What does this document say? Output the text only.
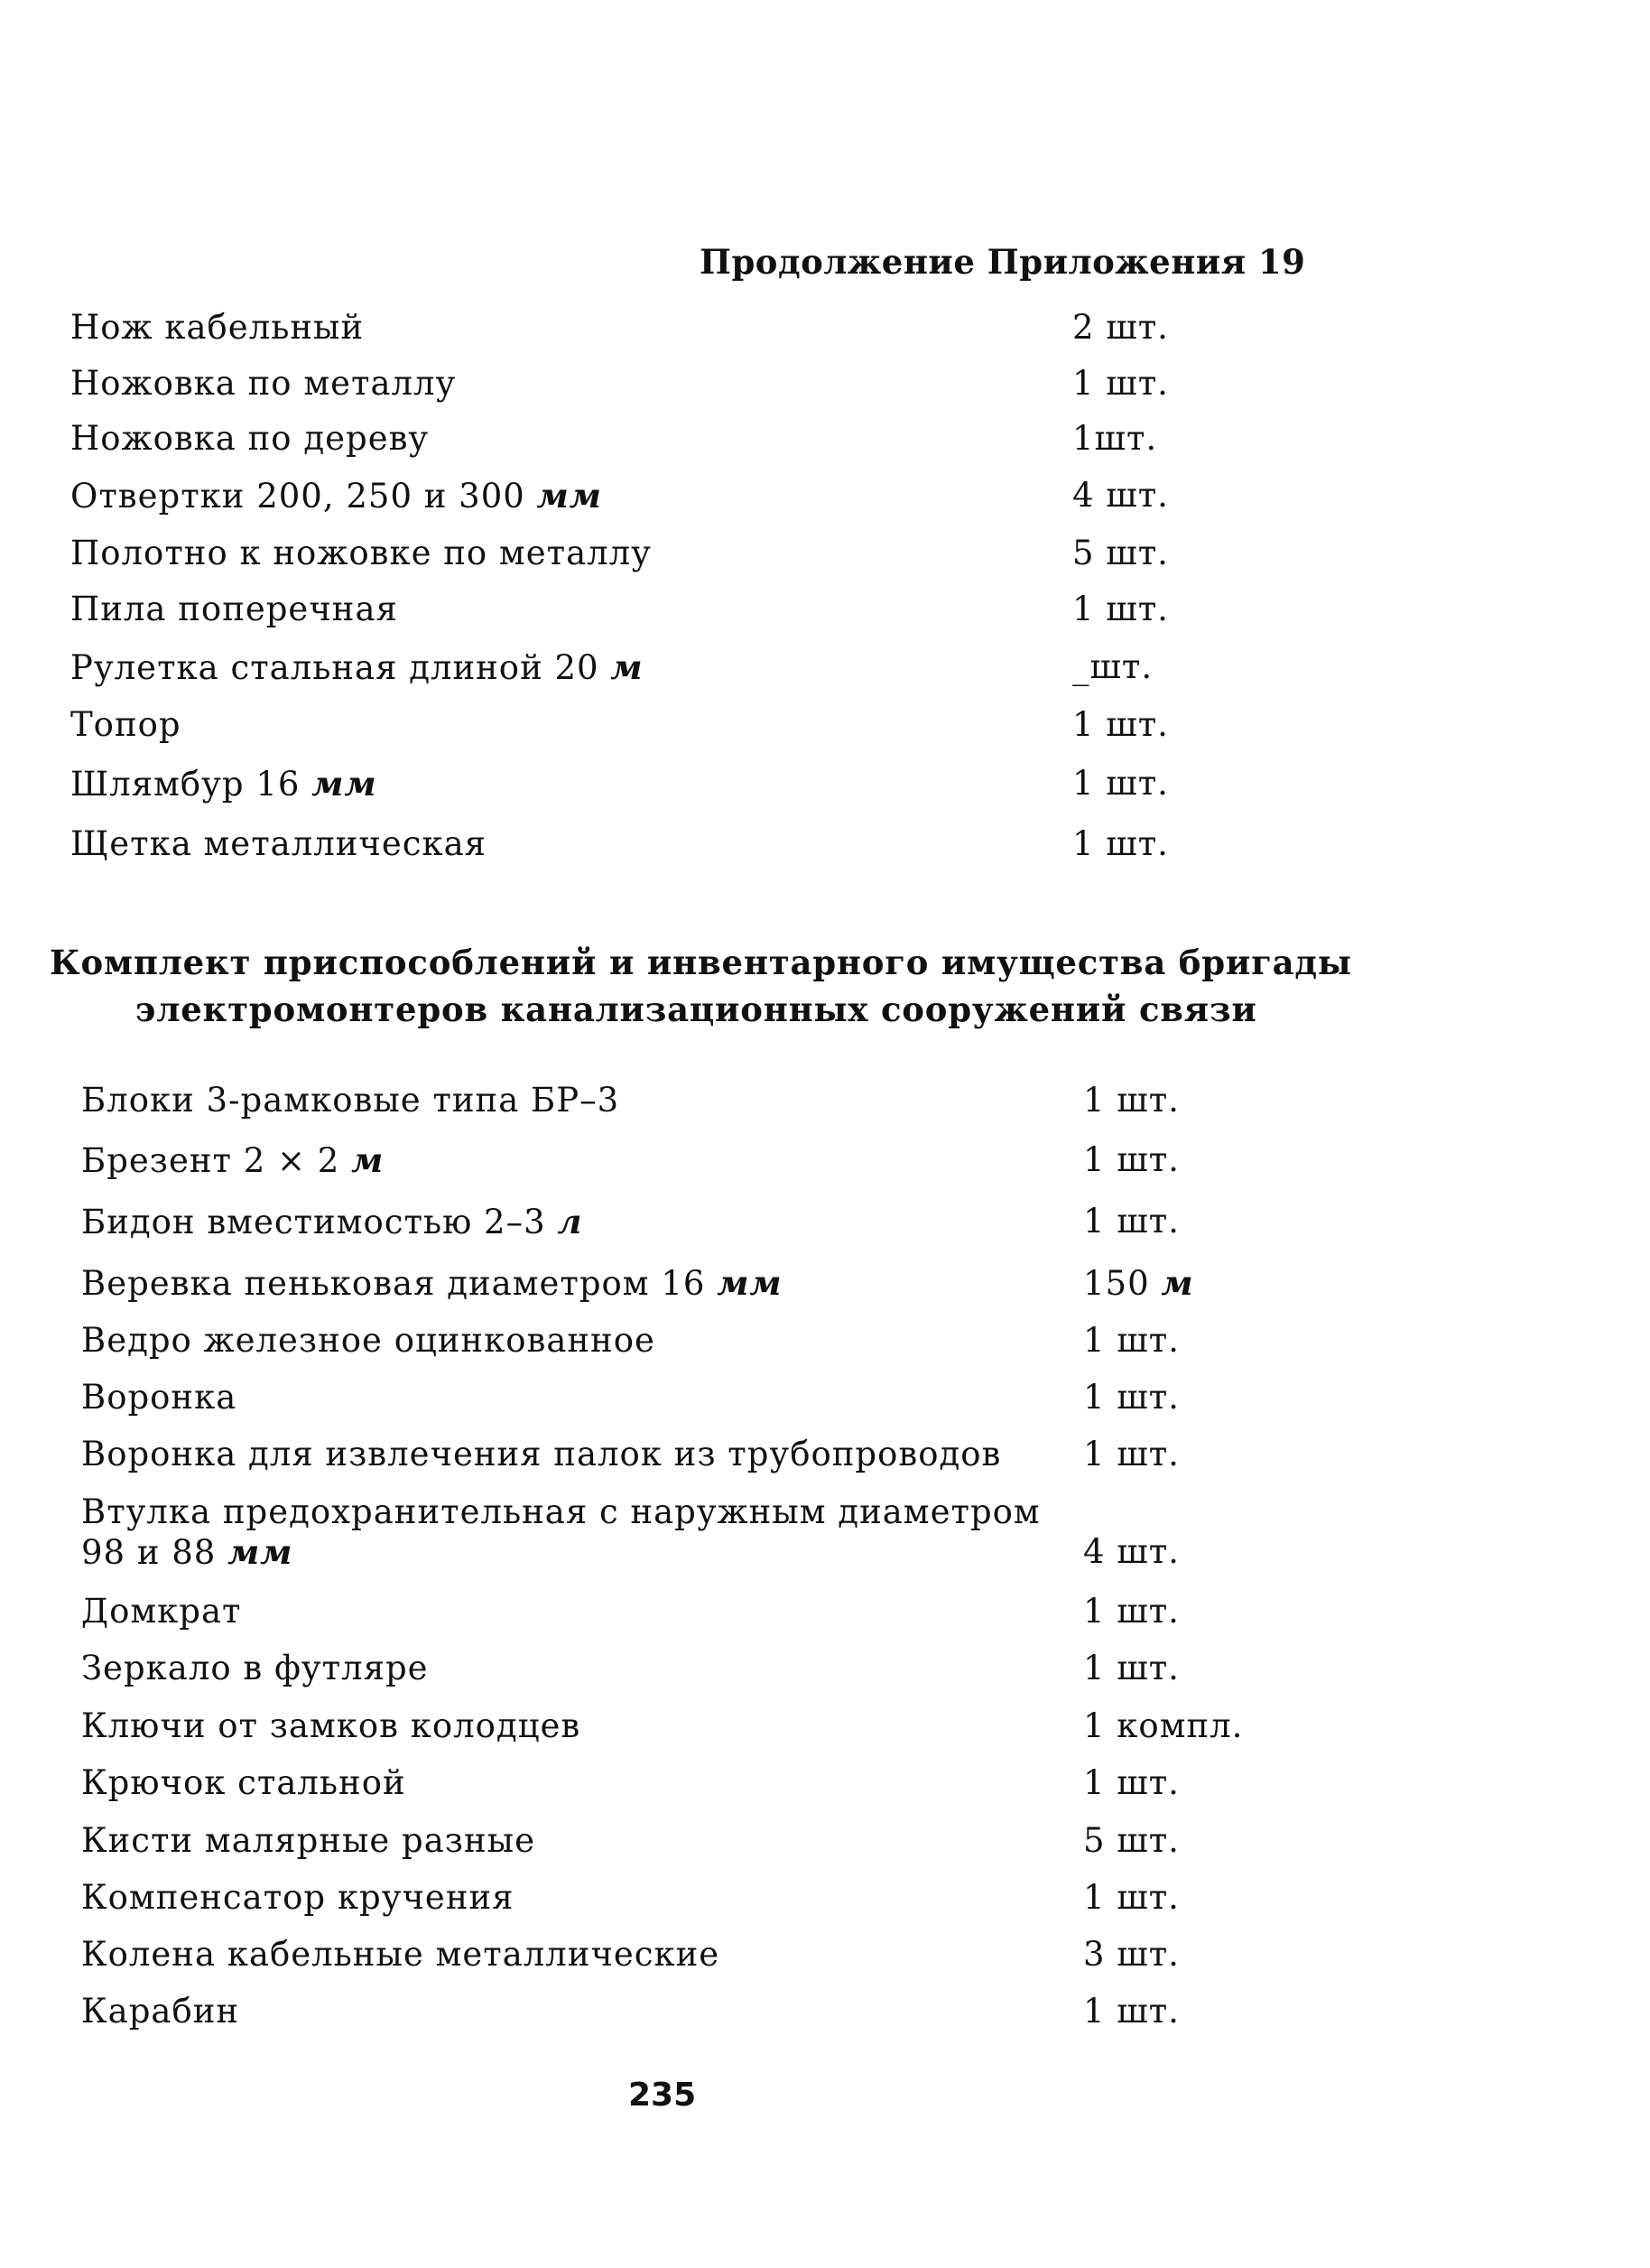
Продолжение Приложения 19
Нож кабельный	2 шт.
Ножовка по металлу	1 шт.
Ножовка по дереву	1шт.
Отвертки 200, 250 и 300 мм	4 шт.
Полотно к ножовке по металлу	5 шт.
Пила поперечная	1 шт.
Рулетка стальная длиной 20 м	_шт.
Топор	1 шт.
Шлямбур 16 мм	1 шт.
Щетка металлическая	1 шт.
Комплект приспособлений и инвентарного имущества бригады
электромонтеров канализационных сооружений связи
Блоки 3-рамковые типа БР–3	1 шт.
Брезент 2 × 2 м	1 шт.
Бидон вместимостью 2–3 л	1 шт.
Веревка пеньковая диаметром 16 мм	150 м
Ведро железное оцинкованное	1 шт.
Воронка	1 шт.
Воронка для извлечения палок из трубопроводов 1 шт.
Втулка предохранительная с наружным диаметром
98 и 88 мм	4 шт.
Домкрат	1 шт.
Зеркало в футляре	1 шт.
Ключи от замков колодцев	1 компл.
Крючок стальной	1 шт.
Кисти малярные разные	5 шт.
Компенсатор кручения	1 шт.
Колена кабельные металлические	3 шт.
Карабин	1 шт.
235
